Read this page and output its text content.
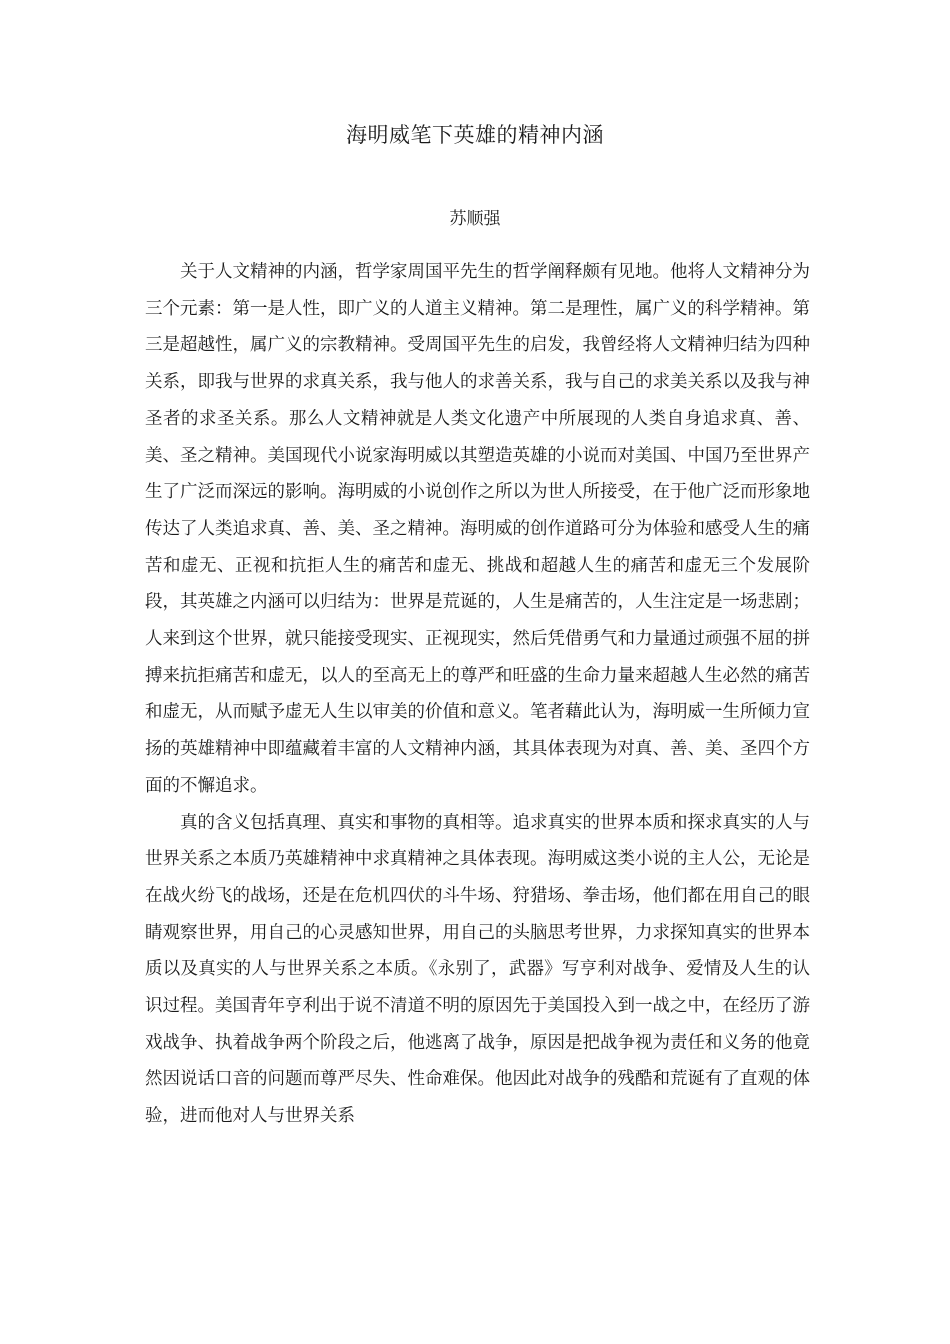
海明威笔下英雄的精神内涵
苏顺强

关于人文精神的内涵，哲学家周国平先生的哲学阐释颇有见地。他将人文精神分为三个元素：第一是人性，即广义的人道主义精神。第二是理性，属广义的科学精神。第三是超越性，属广义的宗教精神。受周国平先生的启发，我曾经将人文精神归结为四种关系，即我与世界的求真关系，我与他人的求善关系，我与自己的求美关系以及我与神圣者的求圣关系。那么人文精神就是人类文化遗产中所展现的人类自身追求真、善、美、圣之精神。美国现代小说家海明威以其塑造英雄的小说而对美国、中国乃至世界产生了广泛而深远的影响。海明威的小说创作之所以为世人所接受，在于他广泛而形象地传达了人类追求真、善、美、圣之精神。海明威的创作道路可分为体验和感受人生的痛苦和虚无、正视和抗拒人生的痛苦和虚无、挑战和超越人生的痛苦和虚无三个发展阶段，其英雄之内涵可以归结为：世界是荒诞的，人生是痛苦的，人生注定是一场悲剧；人来到这个世界，就只能接受现实、正视现实，然后凭借勇气和力量通过顽强不屈的拼搏来抗拒痛苦和虚无，以人的至高无上的尊严和旺盛的生命力量来超越人生必然的痛苦和虚无，从而赋予虚无人生以审美的价值和意义。笔者藉此认为，海明威一生所倾力宣扬的英雄精神中即蕴藏着丰富的人文精神内涵，其具体表现为对真、善、美、圣四个方面的不懈追求。

真的含义包括真理、真实和事物的真相等。追求真实的世界本质和探求真实的人与世界关系之本质乃英雄精神中求真精神之具体表现。海明威这类小说的主人公，无论是在战火纷飞的战场，还是在危机四伏的斗牛场、狩猎场、拳击场，他们都在用自己的眼睛观察世界，用自己的心灵感知世界，用自己的头脑思考世界，力求探知真实的世界本质以及真实的人与世界关系之本质。《永别了，武器》写亨利对战争、爱情及人生的认识过程。美国青年亨利出于说不清道不明的原因先于美国投入到一战之中，在经历了游戏战争、执着战争两个阶段之后，他逃离了战争，原因是把战争视为责任和义务的他竟然因说话口音的问题而尊严尽失、性命难保。他因此对战争的残酷和荒诞有了直观的体验，进而他对人与世界关系
